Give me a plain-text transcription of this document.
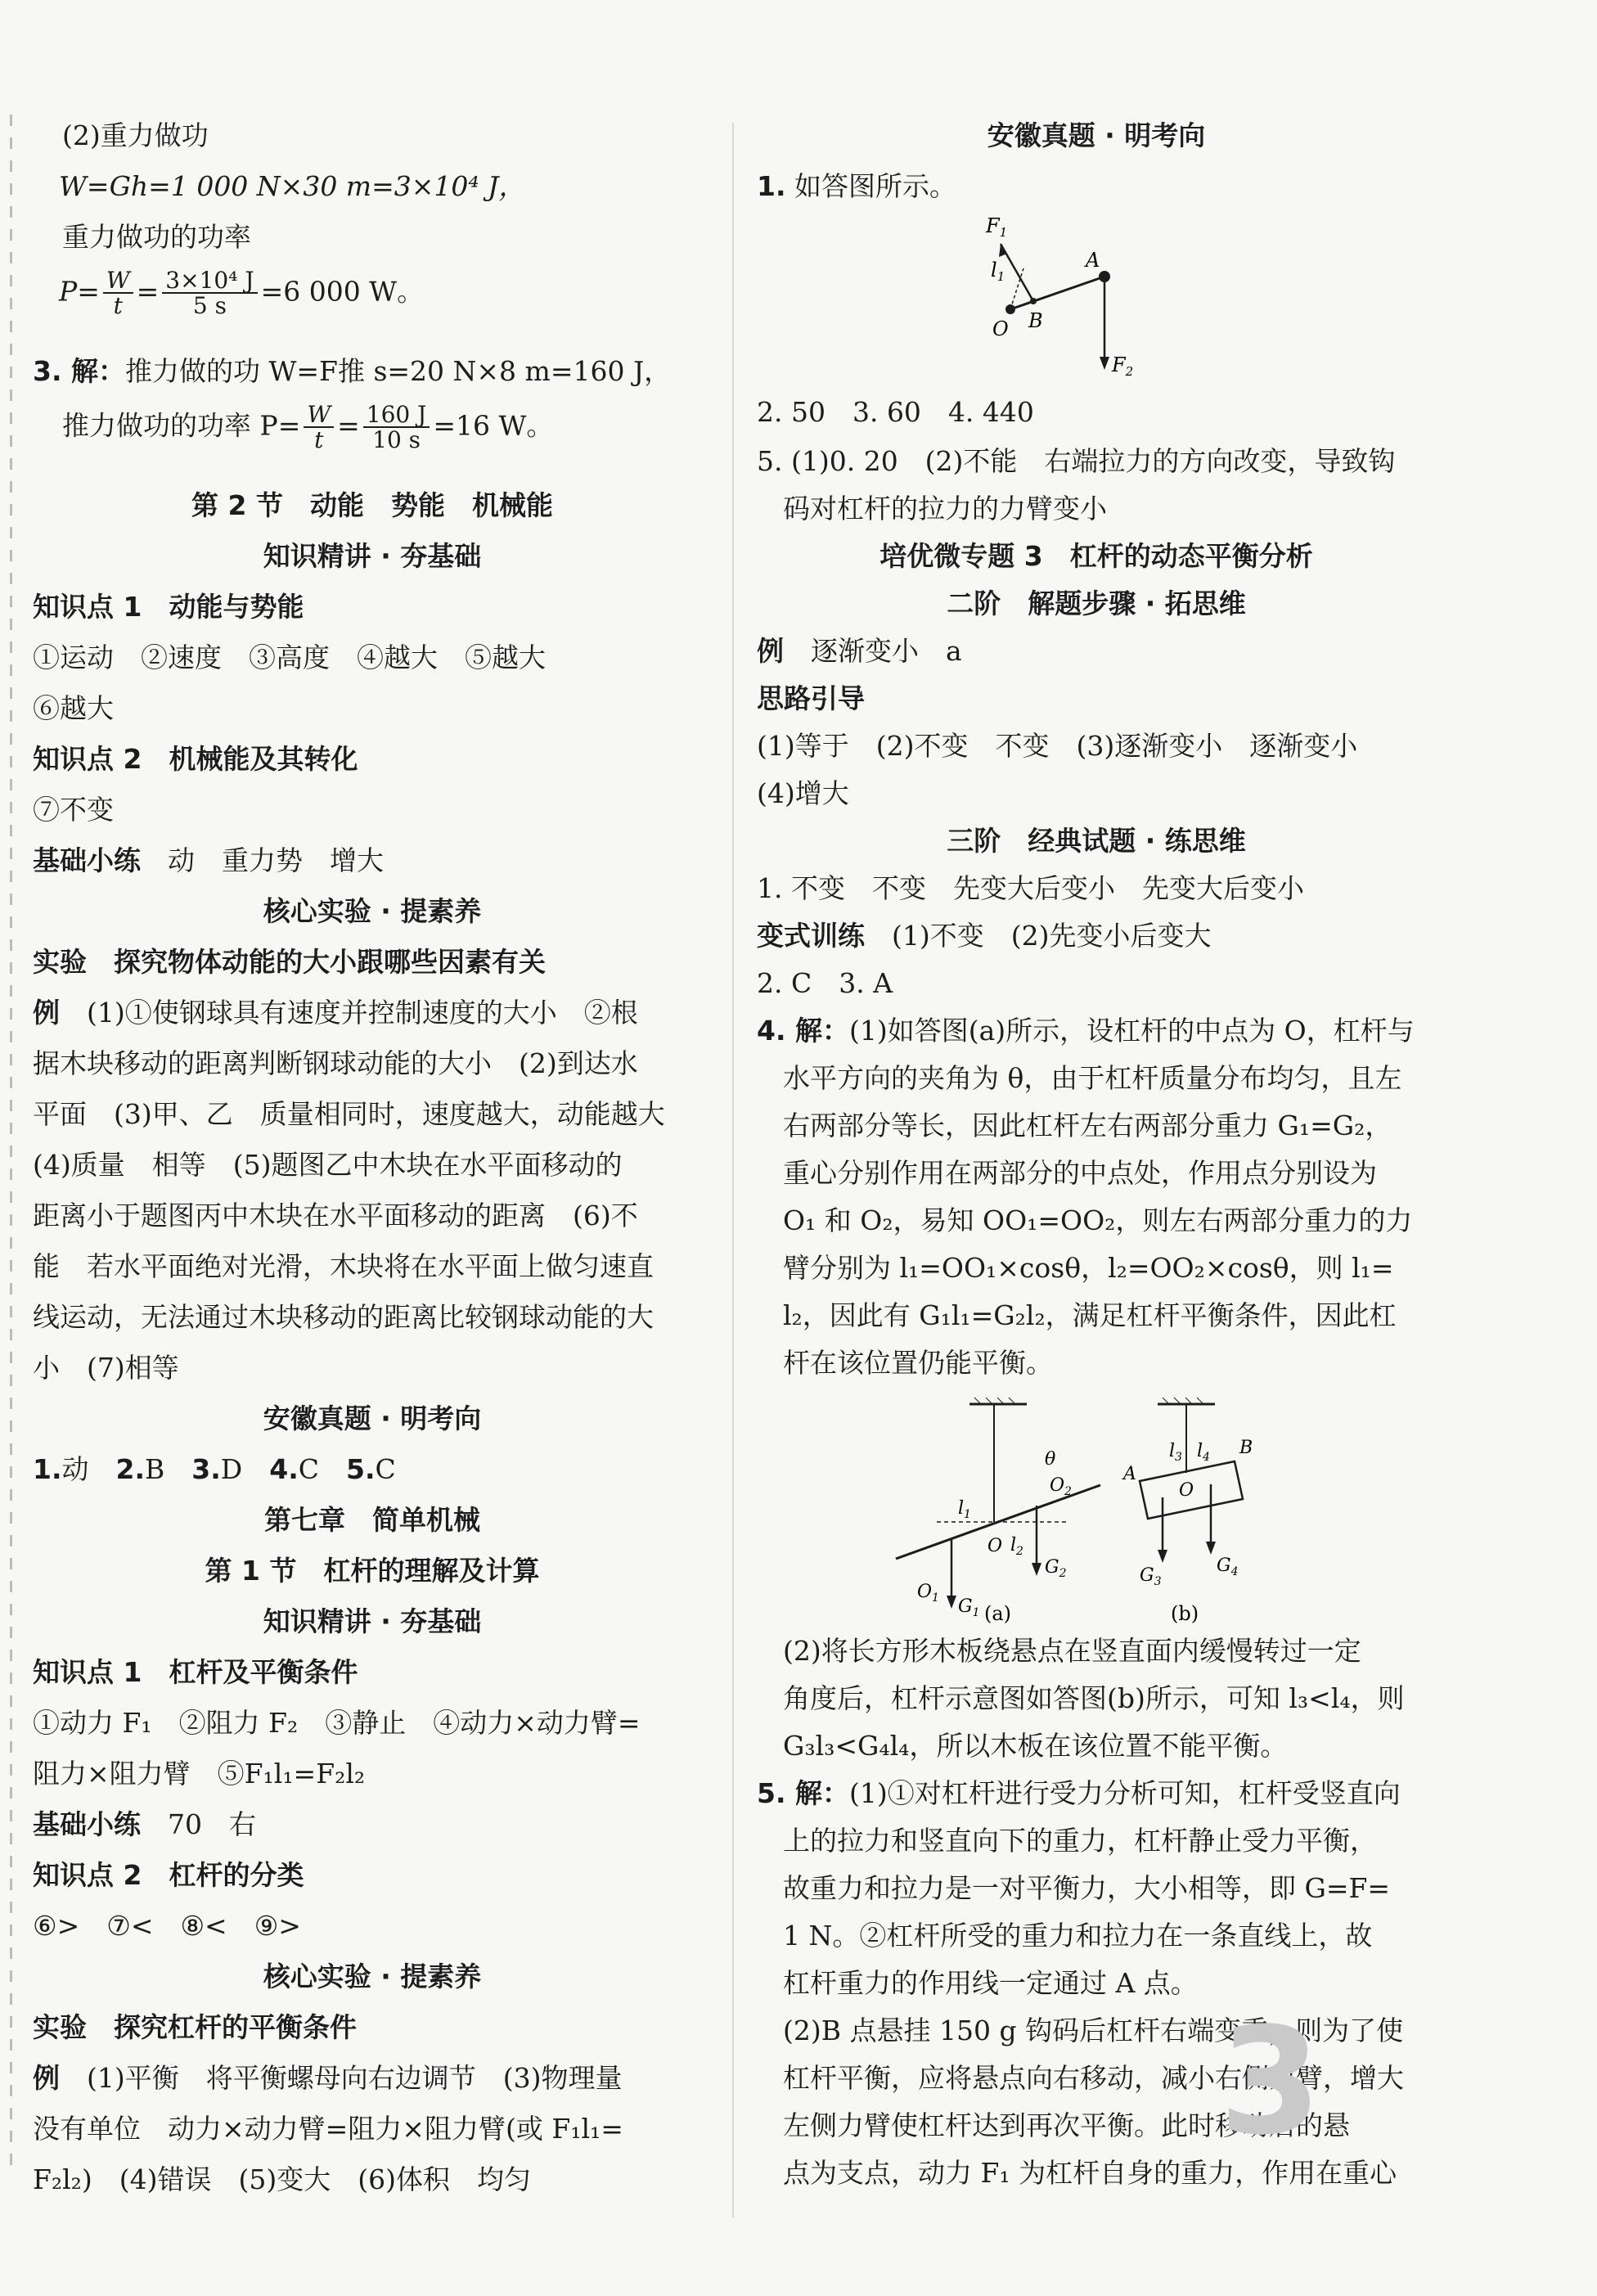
(2)重力做功
W=Gh=1 000 N×30 m=3×10⁴ J，
重力做功的功率
$P= \frac{W}{t} = \frac{\text{3×10⁴ J}}{5 s} =6$ 000 W。
3. 解：推力做的功 W=F推 s=20 N×8 m=160 J，
推力做功的功率 $P= \frac{W}{t} = \frac{160 J}{10 s} =16$ W。
第 2 节　动能　势能　机械能
知识精讲 · 夯基础
知识点 1　动能与势能
①运动　②速度　③高度　④越大　⑤越大
⑥越大
知识点 2　机械能及其转化
⑦不变
基础小练　 动　重力势　增大
核心实验 · 提素养
实验　 探究物体动能的大小跟哪些因素有关
例　 (1)①使钢球具有速度并控制速度的大小　②根
据木块移动的距离判断钢球动能的大小　(2)到达水
平面　(3)甲、乙　质量相同时，速度越大，动能越大
(4)质量　相等　(5)题图乙中木块在水平面移动的
距离小于题图丙中木块在水平面移动的距离　(6)不
能　若水平面绝对光滑，木块将在水平面上做匀速直
线运动，无法通过木块移动的距离比较钢球动能的大
小　(7)相等
安徽真题 · 明考向
1.动　 2.B　 3.D　 4.C　 5.C
第七章　简单机械
第 1 节　杠杆的理解及计算
知识精讲 · 夯基础
知识点 1　杠杆及平衡条件
①动力 F₁　②阻力 F₂　③静止　④动力×动力臂=
阻力×阻力臂　⑤F₁l₁=F₂l₂
基础小练　 70　右
知识点 2　杠杆的分类
⑥>　⑦<　⑧<　⑨>
核心实验 · 提素养
实验　 探究杠杆的平衡条件
例　 (1)平衡　将平衡螺母向右边调节　(3)物理量
没有单位　动力×动力臂=阻力×阻力臂(或 F₁l₁=
F₂l₂)　(4)错误　(5)变大　(6)体积　均匀
安徽真题 · 明考向
1. 如答图所示。
$F_1$
$l_1$
A
B
O
$F_2$
2. 50　3. 60　4. 440
5. (1)0. 20　(2)不能　右端拉力的方向改变，导致钩
码对杠杆的拉力的力臂变小
培优微专题 3　杠杆的动态平衡分析
二阶　解题步骤 · 拓思维
例　 逐渐变小　a
思路引导
(1)等于　(2)不变　不变　(3)逐渐变小　逐渐变小
(4)增大
三阶　经典试题 · 练思维
1. 不变　不变　先变大后变小　先变大后变小
变式训练　 (1)不变　(2)先变小后变大
2. C　3. A
4. 解：(1)如答图(a)所示，设杠杆的中点为 O，杠杆与
水平方向的夹角为 θ，由于杠杆质量分布均匀，且左
右两部分等长，因此杠杆左右两部分重力 G₁=G₂，
重心分别作用在两部分的中点处，作用点分别设为
O₁ 和 O₂，易知 OO₁=OO₂，则左右两部分重力的力
臂分别为 l₁=OO₁×cosθ，l₂=OO₂×cosθ，则 l₁=
l₂，因此有 G₁l₁=G₂l₂，满足杠杆平衡条件，因此杠
杆在该位置仍能平衡。
θ
O
$O_1$
$O_2$
$l_1$
$l_2$
$G_1$
$G_2$
(a)
A
B
O
$l_3$ $l_4$
$G_3$
$G_4$
(b)
(2)将长方形木板绕悬点在竖直面内缓慢转过一定
角度后，杠杆示意图如答图(b)所示，可知 l₃<l₄，则
G₃l₃<G₄l₄，所以木板在该位置不能平衡。
5. 解：(1)①对杠杆进行受力分析可知，杠杆受竖直向
上的拉力和竖直向下的重力，杠杆静止受力平衡，
故重力和拉力是一对平衡力，大小相等，即 G=F=
1 N。②杠杆所受的重力和拉力在一条直线上，故
杠杆重力的作用线一定通过 A 点。
(2)B 点悬挂 150 g 钩码后杠杆右端变重，则为了使
杠杆平衡，应将悬点向右移动，减小右侧力臂，增大
左侧力臂使杠杆达到再次平衡。此时移动后的悬
点为支点，动力 F₁ 为杠杆自身的重力，作用在重心
3
